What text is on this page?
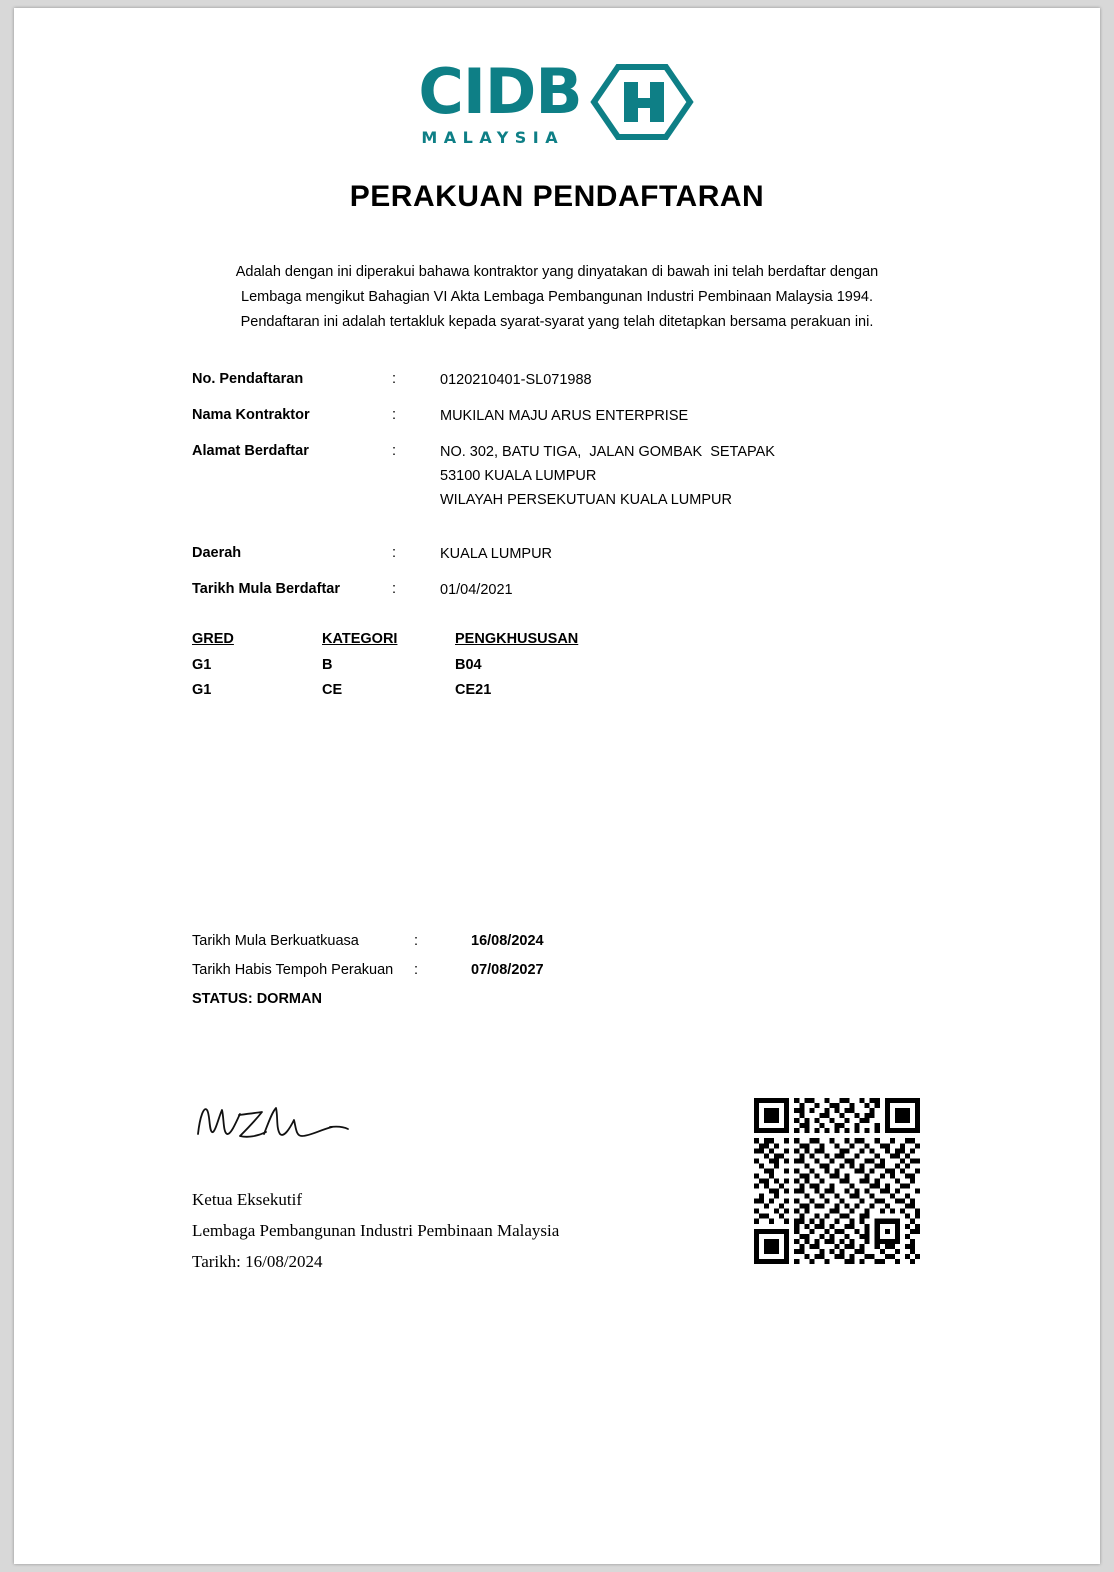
CIDB
MALAYSIA
PERAKUAN PENDAFTARAN
Adalah dengan ini diperakui bahawa kontraktor yang dinyatakan di bawah ini telah berdaftar dengan
Lembaga mengikut Bahagian VI Akta Lembaga Pembangunan Industri Pembinaan Malaysia 1994.
Pendaftaran ini adalah tertakluk kepada syarat-syarat yang telah ditetapkan bersama perakuan ini.
No. Pendaftaran	:	0120210401-SL071988
Nama Kontraktor	:	MUKILAN MAJU ARUS ENTERPRISE
Alamat Berdaftar	:	NO. 302, BATU TIGA,  JALAN GOMBAK  SETAPAK
53100 KUALA LUMPUR
WILAYAH PERSEKUTUAN KUALA LUMPUR
Daerah	:	KUALA LUMPUR
Tarikh Mula Berdaftar	:	01/04/2021
GRED	KATEGORI	PENGKHUSUSAN
G1	B	B04
G1	CE	CE21
Tarikh Mula Berkuatkuasa	:	16/08/2024
Tarikh Habis Tempoh Perakuan	:	07/08/2027
STATUS: DORMAN
Ketua Eksekutif
Lembaga Pembangunan Industri Pembinaan Malaysia
Tarikh: 16/08/2024
